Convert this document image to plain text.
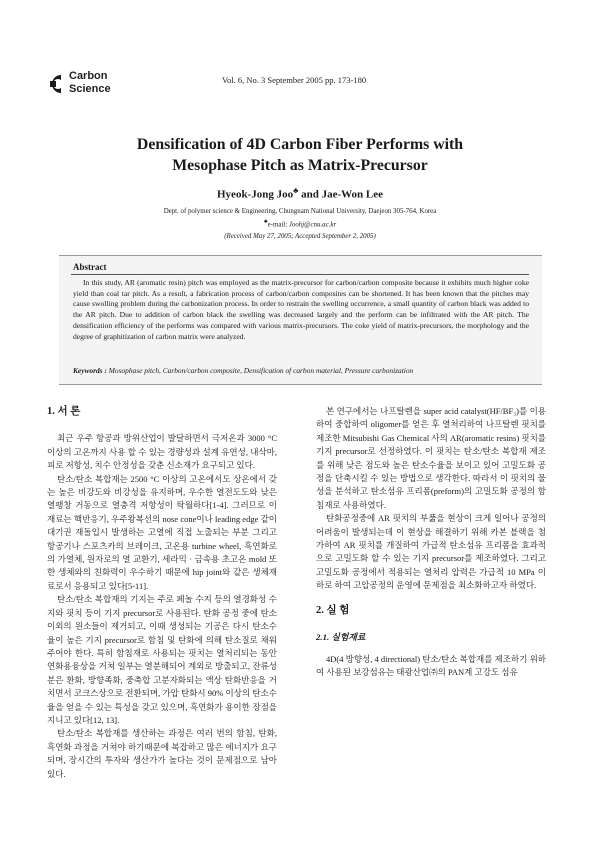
Carbon
Science
Vol. 6, No. 3 September 2005 pp. 173-180
Densification of 4D Carbon Fiber Performs with
Mesophase Pitch as Matrix-Precursor
Hyeok-Jong Joo♣ and Jae-Won Lee
Dept. of polymer science & Engineering, Chungnam National University, Daejeon 305-764, Korea
♣e-mail: Joohj@cnu.ac.kr
(Received May 27, 2005; Accepted September 2, 2005)
Abstract

In this study, AR (aromatic resin) pitch was employed as the matrix-precursor for carbon/carbon composite because it exhibits much higher coke yield than coal tar pitch. As a result, a fabrication process of carbon/carbon composites can be shortened. It has been known that the pitches may cause swolling problem during the carbonization process. In order to restrain the swelling occurrence, a small quantity of carbon black was added to the AR pitch. Due to addition of carbon black the swelling was decreased largely and the perform can be infiltrated with the AR pitch. The densification efficiency of the performs was compared with various matrix-precursors. The coke yield of matrix-precursors, the morphology and the degree of graphitization of carbon matrix were analyzed.

Keywords : Mosophase pitch, Carbon/carbon composite, Densification of carbon material, Pressure carbonization
1. 서 론

최근 우주 항공과 방위산업이 발달하면서 극저온과 3000 °C 이상의 고온까지 사용 할 수 있는 경량성과 설계 유연성, 내삭마, 피로 저항성, 치수 안정성을 갖춘 신소재가 요구되고 있다.

탄소/탄소 복합재는 2500 °C 이상의 고온에서도 상온에서 갖는 높은 비강도와 비강성을 유지하며, 우수한 열전도도와 낮은 열팽창 거동으로 열충격 저항성이 탁월하다[1-4]. 그러므로 이 재료는 핵반응기, 우주왕복선의 nose cone이나 leading edge 같이 대기권 재돌입시 발생하는 고열에 직접 노출되는 부분 그리고 항공기나 스포츠카의 브레이크, 고온용 turbine wheel, 흑연화로의 가열체, 원자로의 열 교환기, 세라믹 · 금속용 초고온 mold 또한 생체와의 친화력이 우수하기 때문에 hip joint와 같은 생체재료로서 응용되고 있다[5-11].

탄소/탄소 복합재의 기지는 주로 페놀 수지 등의 열경화성 수지와 핏치 등이 기지 precursor로 사용된다. 탄화 공정 중에 탄소 이외의 원소들이 제거되고, 이때 생성되는 기공은 다시 탄소수율이 높은 기지 precursor로 함침 및 탄화에 의해 탄소질로 채워주어야 한다. 특히 함침재로 사용되는 핏치는 열처리되는 동안 연화용융상을 거쳐 일부는 열분해되어 계외로 방출되고, 잔류성분은 환화, 방향족화, 중축합 고분자화되는 액상 탄화반응을 거치면서 코크스상으로 전환되며, 가압 탄화시 90% 이상의 탄소수율을 얻을 수 있는 특성을 갖고 있으며, 흑연화가 용이한 장점을 지니고 있다[12, 13].

탄소/탄소 복합재를 생산하는 과정은 여러 번의 함침, 탄화, 흑연화 과정을 거쳐야 하기때문에 복잡하고 많은 에너지가 요구되며, 장시간의 투자와 생산가가 높다는 것이 문제점으로 남아있다.

본 연구에서는 나프탈렌을 super acid catalyst(HF/BF₃)를 이용하여 중합하여 oligomer를 얻은 후 열처리하여 나프탈렌 핏치를 제조한 Mitsubishi Gas Chemical 사의 AR(aromatic resins) 핏치를 기지 precursor로 선정하였다. 이 핏치는 탄소/탄소 복합재 제조를 위해 낮은 점도와 높은 탄소수율을 보이고 있어 고밀도화 공정을 단축시킬 수 있는 방법으로 생각한다. 따라서 이 핏치의 물성을 분석하고 탄소섬유 프리폼(preform)의 고밀도화 공정의 함침재로 사용하였다.

탄화공정중에 AR 핏치의 부풂을 현상이 크게 일어나 공정의 어려움이 발생되는데 이 현상을 해결하기 위해 카본 블랙을 첨가하여 AR 핏치를 개질하여 가급적 탄소섬유 프리폼을 효과적으로 고밀도화 할 수 있는 기지 precursor를 제조하였다. 그리고 고밀도화 공정에서 적용되는 열처리 압력은 가급적 10 MPa 이하로 하여 고압공정의 운영에 문제점을 최소화하고자 하였다.

2. 실 험
2.1. 실험재료

4D(4 방향성, 4 directional) 탄소/탄소 복합재를 제조하기 위하여 사용된 보강섬유는 태광산업㈜의 PAN계 고강도 섬유
